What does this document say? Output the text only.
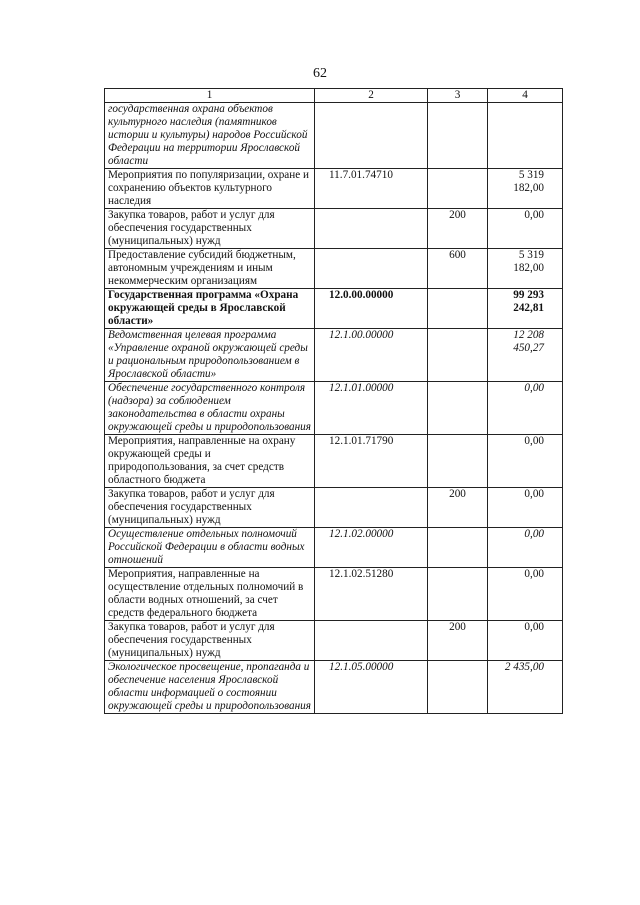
62
1	2	3	4
государственная охрана объектов культурного наследия (памятников истории и культуры) народов Российской Федерации на территории Ярославской области			
Мероприятия по популяризации, охране и сохранению объектов культурного наследия	11.7.01.74710		5 319 182,00
Закупка товаров, работ и услуг для обеспечения государственных (муниципальных) нужд		200	0,00
Предоставление субсидий бюджетным, автономным учреждениям и иным некоммерческим организациям		600	5 319 182,00
Государственная программа «Охрана окружающей среды в Ярославской области»	12.0.00.00000		99 293 242,81
Ведомственная целевая программа «Управление охраной окружающей среды и рациональным природопользованием в Ярославской области»	12.1.00.00000		12 208 450,27
Обеспечение государственного контроля (надзора) за соблюдением законодательства в области охраны окружающей среды и природопользования	12.1.01.00000		0,00
Мероприятия, направленные на охрану окружающей среды и природопользования, за счет средств областного бюджета	12.1.01.71790		0,00
Закупка товаров, работ и услуг для обеспечения государственных (муниципальных) нужд		200	0,00
Осуществление отдельных полномочий Российской Федерации в области водных отношений	12.1.02.00000		0,00
Мероприятия, направленные на осуществление отдельных полномочий в области водных отношений, за счет средств федерального бюджета	12.1.02.51280		0,00
Закупка товаров, работ и услуг для обеспечения государственных (муниципальных) нужд		200	0,00
Экологическое просвещение, пропаганда и обеспечение населения Ярославской области информацией о состоянии окружающей среды и природопользования	12.1.05.00000		2 435,00
